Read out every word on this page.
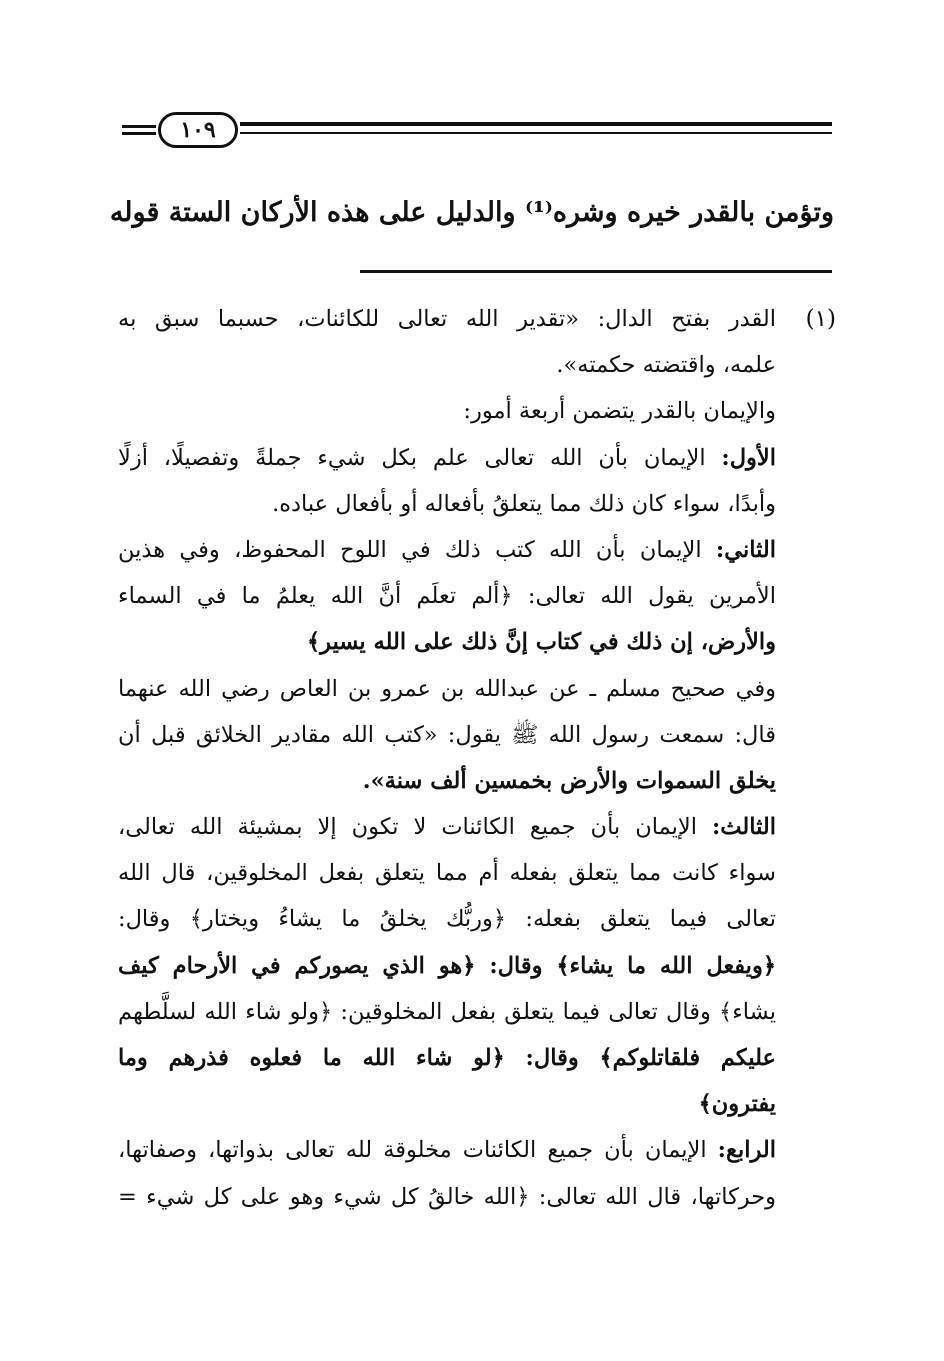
١٠٩
وتؤمن بالقدر خيره وشره⁽¹⁾ والدليل على هذه الأركان الستة قوله
(١)
القدر بفتح الدال: «تقدير الله تعالى للكائنات، حسبما سبق به
علمه، واقتضته حكمته».
والإيمان بالقدر يتضمن أربعة أمور:
الأول: الإيمان بأن الله تعالى علم بكل شيء جملةً وتفصيلًا، أزلًا
وأبدًا، سواء كان ذلك مما يتعلقُ بأفعاله أو بأفعال عباده.
الثاني: الإيمان بأن الله كتب ذلك في اللوح المحفوظ، وفي هذين
الأمرين يقول الله تعالى: ﴿ألم تعلَم أنَّ الله يعلمُ ما في السماء
والأرض، إن ذلك في كتاب إنَّ ذلك على الله يسير﴾
وفي صحيح مسلم ـ عن عبدالله بن عمرو بن العاص رضي الله عنهما
قال: سمعت رسول الله ﷺ يقول: «كتب الله مقادير الخلائق قبل أن
يخلق السموات والأرض بخمسين ألف سنة».
الثالث: الإيمان بأن جميع الكائنات لا تكون إلا بمشيئة الله تعالى،
سواء كانت مما يتعلق بفعله أم مما يتعلق بفعل المخلوقين، قال الله
تعالى فيما يتعلق بفعله: ﴿وربُّك يخلقُ ما يشاءُ ويختار﴾ وقال:
﴿ويفعل الله ما يشاء﴾ وقال: ﴿هو الذي يصوركم في الأرحام كيف
يشاء﴾ وقال تعالى فيما يتعلق بفعل المخلوقين: ﴿ولو شاء الله لسلَّطهم
عليكم فلقاتلوكم﴾ وقال: ﴿لو شاء الله ما فعلوه فذرهم وما
يفترون﴾
الرابع: الإيمان بأن جميع الكائنات مخلوقة لله تعالى بذواتها، وصفاتها،
وحركاتها، قال الله تعالى: ﴿الله خالقُ كل شيء وهو على كل شيء =
